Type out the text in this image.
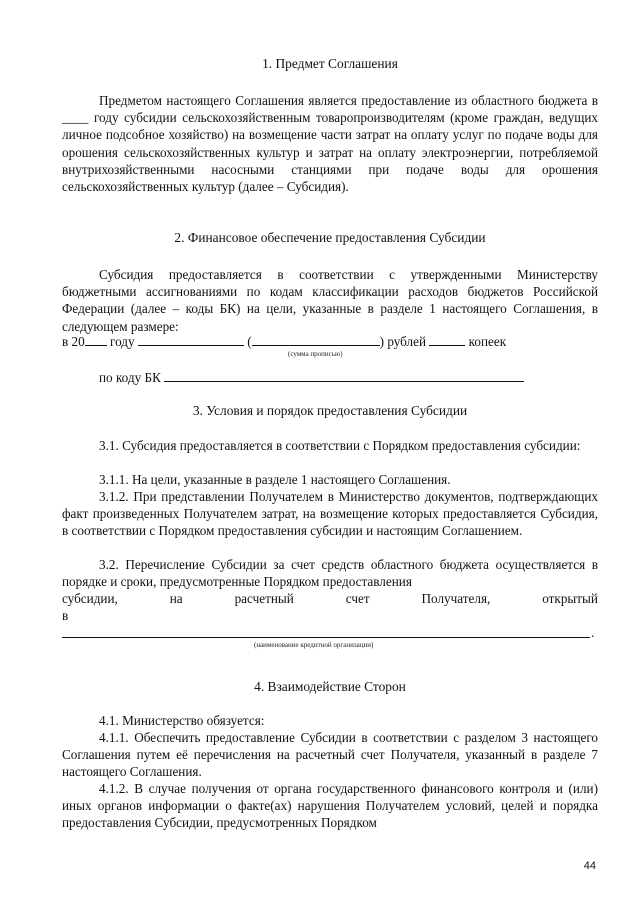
1. Предмет Соглашения
Предметом настоящего Соглашения является предоставление из областного бюджета в ____ году субсидии сельскохозяйственным товаропроизводителям (кроме граждан, ведущих личное подсобное хозяйство) на возмещение части затрат на оплату услуг по подаче воды для орошения сельскохозяйственных культур и затрат на оплату электроэнергии, потребляемой внутрихозяйственными насосными станциями при подаче воды для орошения сельскохозяйственных культур (далее – Субсидия).
2. Финансовое обеспечение предоставления Субсидии
Субсидия предоставляется в соответствии с утвержденными Министерству бюджетными ассигнованиями по кодам классификации расходов бюджетов Российской Федерации (далее – коды БК) на цели, указанные в разделе 1 настоящего Соглашения, в следующем размере:
в 20 году	(	) рублей	копеек
(сумма прописью)
по коду БК
3. Условия и порядок предоставления Субсидии
3.1. Субсидия предоставляется в соответствии с Порядком предоставления субсидии:
3.1.1. На цели, указанные в разделе 1 настоящего Соглашения.
3.1.2. При представлении Получателем в Министерство документов, подтверждающих факт произведенных Получателем затрат, на возмещение которых предоставляется Субсидия, в соответствии с Порядком предоставления субсидии и настоящим Соглашением.
3.2. Перечисление Субсидии за счет средств областного бюджета осуществляется в порядке и сроки, предусмотренные Порядком предоставления
субсидии,	на	расчетный	счет	Получателя,	открытый
в
.
(наименование кредитной организации)
4. Взаимодействие Сторон
4.1. Министерство обязуется:
4.1.1. Обеспечить предоставление Субсидии в соответствии с разделом 3 настоящего Соглашения путем её перечисления на расчетный счет Получателя, указанный в разделе 7 настоящего Соглашения.
4.1.2. В случае получения от органа государственного финансового контроля и (или) иных органов информации о факте(ах) нарушения Получателем условий, целей и порядка предоставления Субсидии, предусмотренных Порядком
44
